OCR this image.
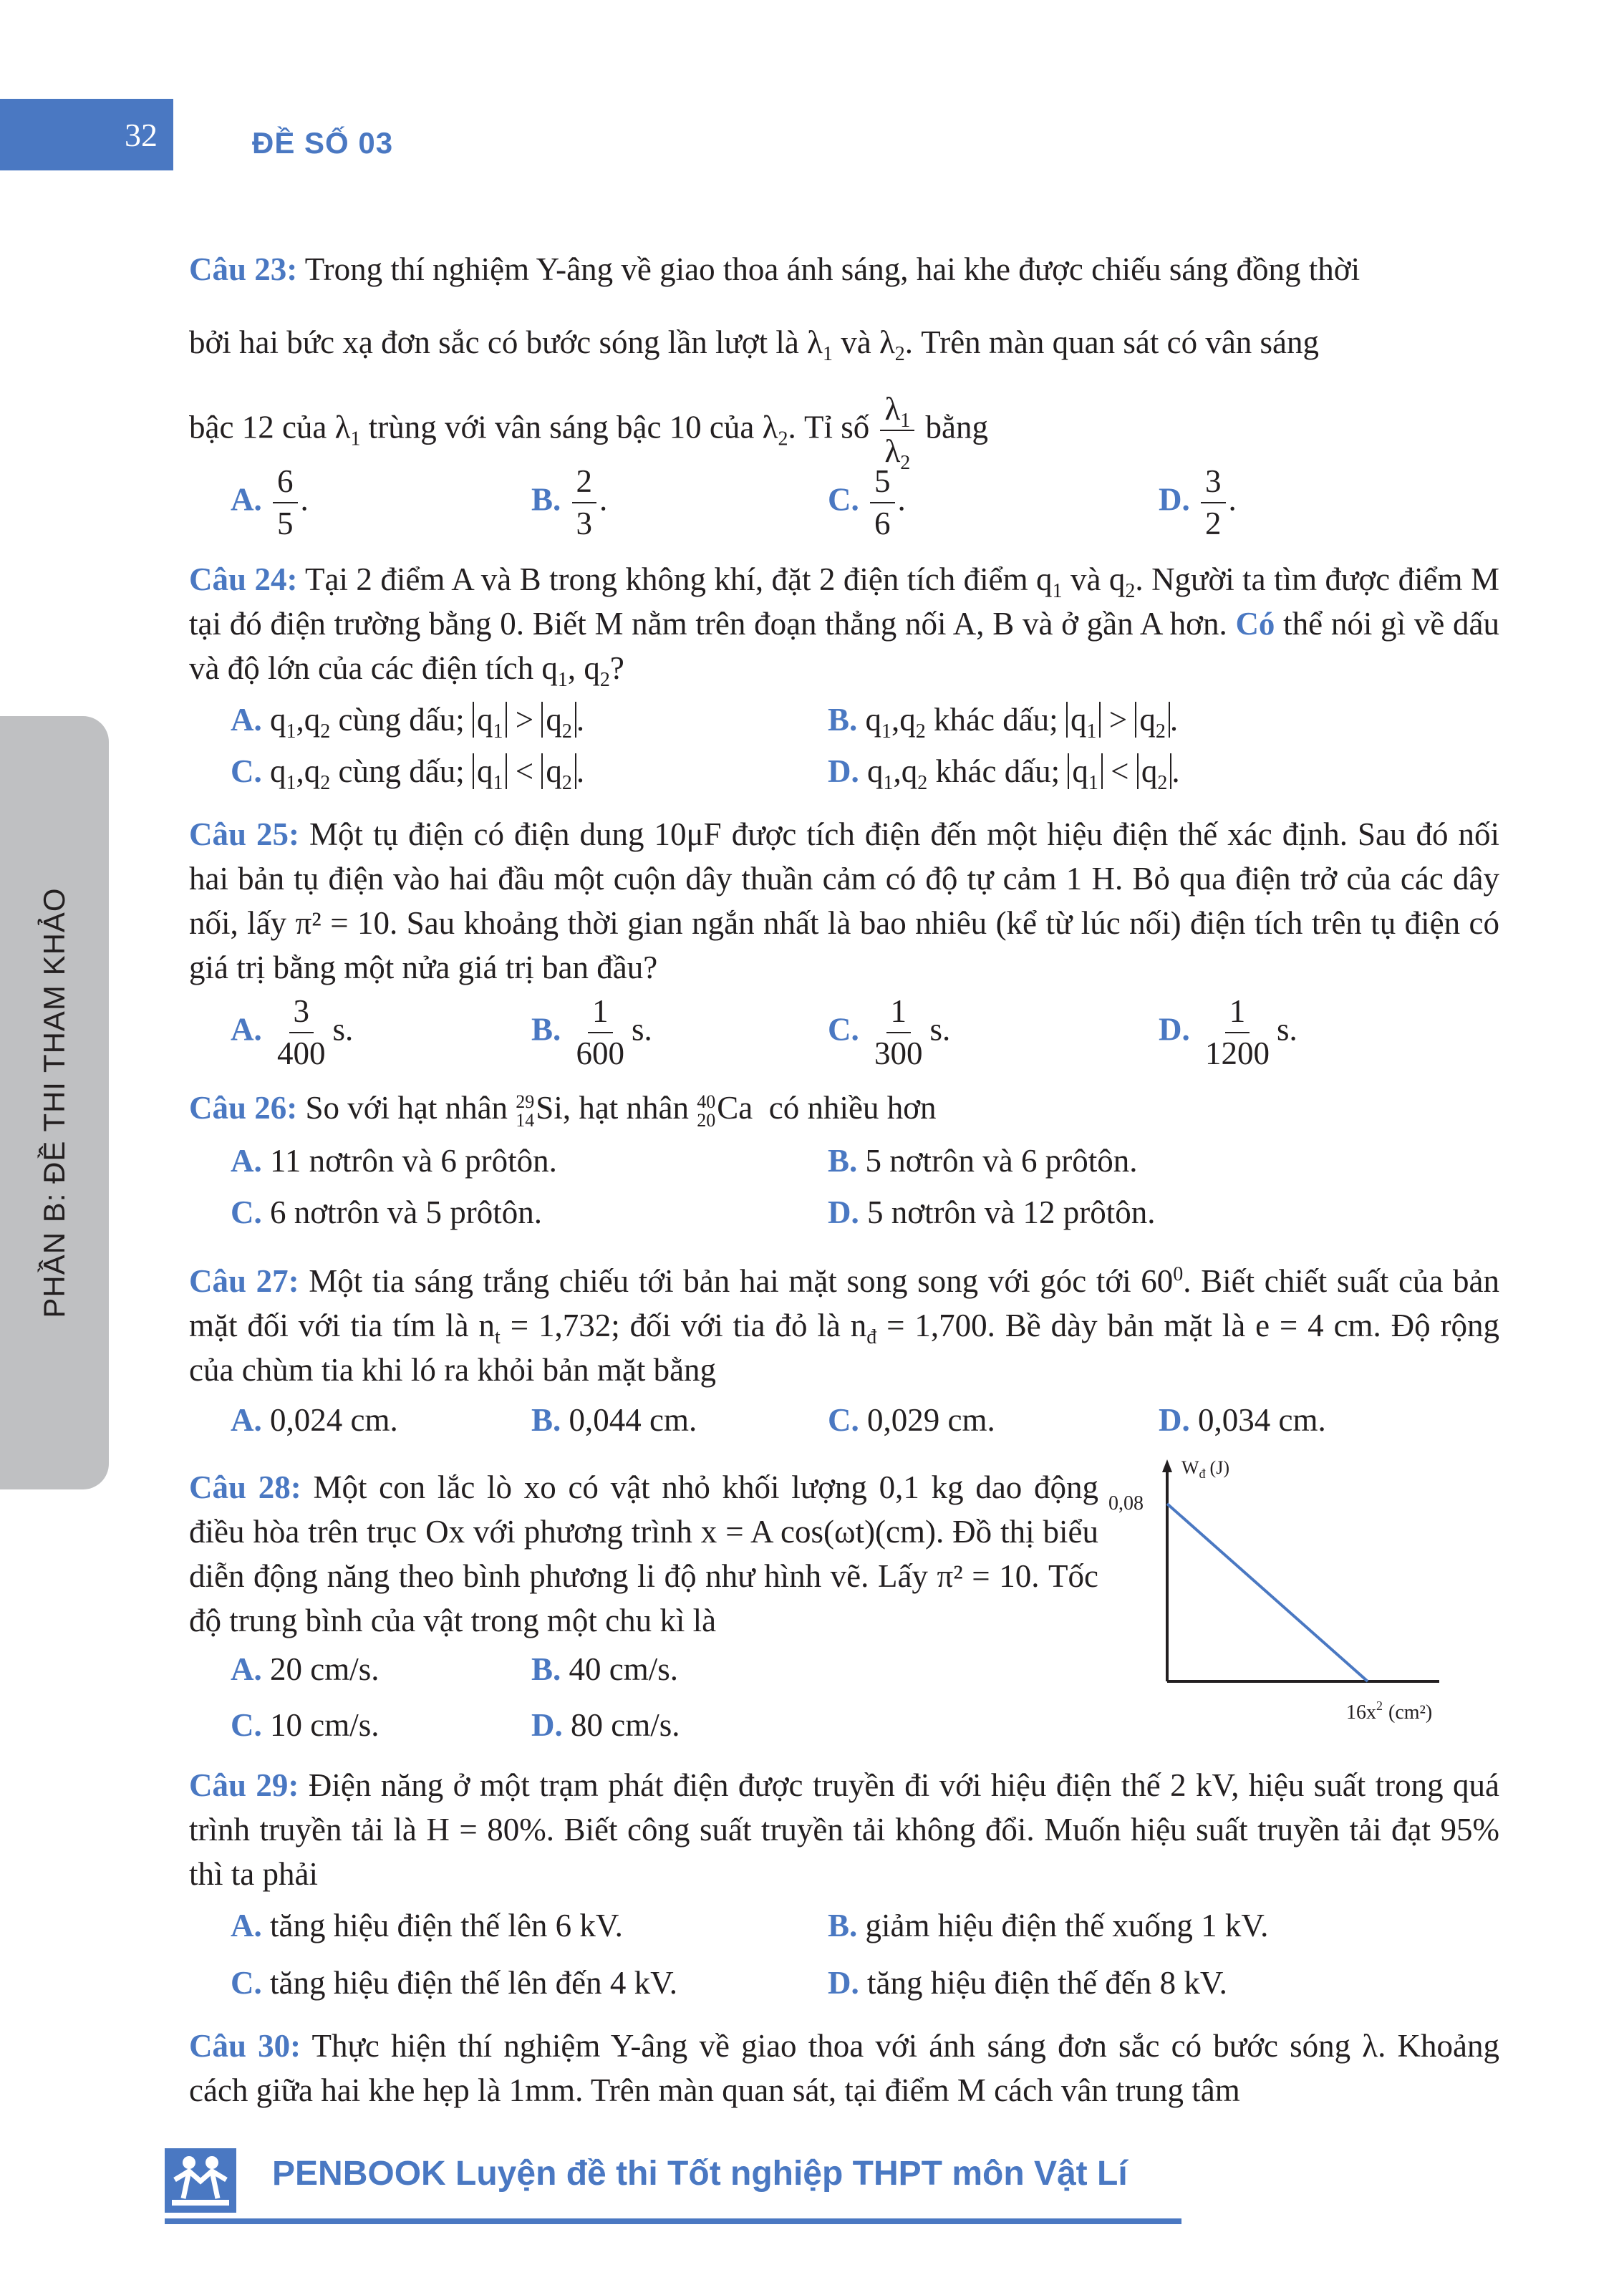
32	ĐỀ SỐ 03
PHẦN B: ĐỀ THI THAM KHẢO

Câu 23: Trong thí nghiệm Y-âng về giao thoa ánh sáng, hai khe được chiếu sáng đồng thời

bởi hai bức xạ đơn sắc có bước sóng lần lượt là $\lambda_1$ và $\lambda_2$. Trên màn quan sát có vân sáng

bậc 12 của $\lambda_1$ trùng với vân sáng bậc 10 của $\lambda_2$. Tỉ số $\frac{\lambda_1}{\lambda_2}$ bằng

A. $\frac{6}{5}$ .	B. $\frac{2}{3}$ .	C. $\frac{5}{6}$ .	D. $\frac{3}{2}$ .

Câu 24: Tại 2 điểm A và B trong không khí, đặt 2 điện tích điểm $q_1$ và $q_2$. Người ta tìm được điểm M tại đó điện trường bằng 0. Biết M nằm trên đoạn thẳng nối A, B và ở gần A hơn. Có thể nói gì về dấu và độ lớn của các điện tích $q_1$, $q_2$?

A. $q_1,q_2$ cùng dấu; $q_1 > q_2$ .	B. $q_1,q_2$ khác dấu; $q_1 > q_2$ .
C. $q_1,q_2$ cùng dấu; $q_1 < q_2$ .	D. $q_1,q_2$ khác dấu; $q_1 < q_2$ .

Câu 25: Một tụ điện có điện dung 10μF được tích điện đến một hiệu điện thế xác định. Sau đó nối hai bản tụ điện vào hai đầu một cuộn dây thuần cảm có độ tự cảm 1 H. Bỏ qua điện trở của các dây nối, lấy π² = 10. Sau khoảng thời gian ngắn nhất là bao nhiêu (kể từ lúc nối) điện tích trên tụ điện có giá trị bằng một nửa giá trị ban đầu?

A. $\frac{3}{400} s$.	B. $\frac{1}{600} s$.	C. $\frac{1}{300} s$.	D. $\frac{1}{1200} s$.

Câu 26: So với hạt nhân 29
14 Si, hạt nhân 40
20 Ca có nhiều hơn

A. 11 nơtrôn và 6 prôtôn.	B. 5 nơtrôn và 6 prôtôn.
C. 6 nơtrôn và 5 prôtôn.	D. 5 nơtrôn và 12 prôtôn.

Câu 27: Một tia sáng trắng chiếu tới bản hai mặt song song với góc tới $60^0$. Biết chiết suất của bản mặt đối với tia tím là $n_t = 1,732$; đối với tia đỏ là $n_đ = 1,700$. Bề dày bản mặt là e = 4 cm. Độ rộng của chùm tia khi ló ra khỏi bản mặt bằng

A. 0,024 cm.	B. 0,044 cm.	C. 0,029 cm.	D. 0,034 cm.

Câu 28: Một con lắc lò xo có vật nhỏ khối lượng 0,1 kg dao động điều hòa trên trục Ox với phương trình x = A cos(ωt)(cm). Đồ thị biểu diễn động năng theo bình phương li độ như hình vẽ. Lấy π² = 10. Tốc độ trung bình của vật trong một chu kì là

A. 20 cm/s.	B. 40 cm/s.
C. 10 cm/s.	D. 80 cm/s.
$W_đ$ (J)
0,08
$16x^2$ (cm²)

Câu 29: Điện năng ở một trạm phát điện được truyền đi với hiệu điện thế 2 kV, hiệu suất trong quá trình truyền tải là H = 80%. Biết công suất truyền tải không đổi. Muốn hiệu suất truyền tải đạt 95% thì ta phải

A. tăng hiệu điện thế lên 6 kV.	B. giảm hiệu điện thế xuống 1 kV.
C. tăng hiệu điện thế lên đến 4 kV.	D. tăng hiệu điện thế đến 8 kV.

Câu 30: Thực hiện thí nghiệm Y-âng về giao thoa với ánh sáng đơn sắc có bước sóng λ. Khoảng cách giữa hai khe hẹp là 1mm. Trên màn quan sát, tại điểm M cách vân trung tâm

PENBOOK Luyện đề thi Tốt nghiệp THPT môn Vật Lí
